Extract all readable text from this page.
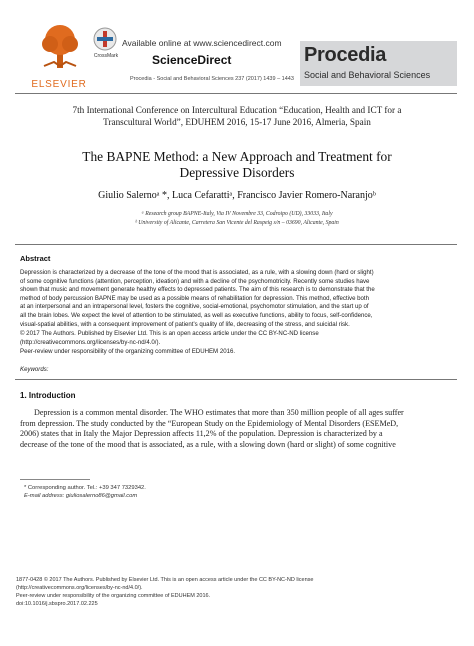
ELSEVIER
CrossMark
Available online at www.sciencedirect.com
ScienceDirect
Procedia - Social and Behavioral Sciences 237 (2017) 1439 – 1443
Procedia
Social and Behavioral Sciences
7th International Conference on Intercultural Education “Education, Health and ICT for a
Transcultural World”, EDUHEM 2016, 15-17 June 2016, Almeria, Spain
The BAPNE Method: a New Approach and Treatment for
Depressive Disorders
Giulio Salernoᵃ *, Luca Cefarattiᵃ, Francisco Javier Romero-Naranjoᵇ
ᵃ Research group BAPNE-Italy, Via IV Novembre 33, Codroipo (UD), 33033, Italy
ᵇ University of Alicante, Carretera San Vicente del Raspeig s/n – 03690, Alicante, Spain
Abstract
Depression is characterized by a decrease of the tone of the mood that is associated, as a rule, with a slowing down (hard or slight)
of some cognitive functions (attention, perception, ideation) and with a decline of the psychomotricity. Recently some studies have
shown that music and movement generate healthy effects to depressed patients. The aim of this research is to demonstrate that the
method of body percussion BAPNE may be used as a possible means of rehabilitation for depression. This method, effective both
at an interpersonal and an intrapersonal level, fosters the cognitive, social-emotional, psychomotor stimulation, and the start up of
all the brain lobes. We expect the level of attention to be stimulated, as well as executive functions, ability to focus, self-confidence,
visual-spatial abilities, with a consequent improvement of patient’s quality of life, decreasing of the stress, and suicidal risk.
© 2017 The Authors. Published by Elsevier Ltd. This is an open access article under the CC BY-NC-ND license
(http://creativecommons.org/licenses/by-nc-nd/4.0/).
Peer-review under responsibility of the organizing committee of EDUHEM 2016.
Keywords:
1. Introduction
Depression is a common mental disorder. The WHO estimates that more than 350 million people of all ages suffer
from depression. The study conducted by the “European Study on the Epidemiology of Mental Disorders (ESEMeD,
2006) states that in Italy the Major Depression affects 11,2% of the population. Depression is characterized by a
decrease of the tone of the mood that is associated, as a rule, with a slowing down (hard or slight) of some cognitive
* Corresponding author. Tel.: +39 347 7329342.
E-mail address: giuliosalerno86@gmail.com
1877-0428 © 2017 The Authors. Published by Elsevier Ltd. This is an open access article under the CC BY-NC-ND license
(http://creativecommons.org/licenses/by-nc-nd/4.0/).
Peer-review under responsibility of the organizing committee of EDUHEM 2016.
doi:10.1016/j.sbspro.2017.02.225
